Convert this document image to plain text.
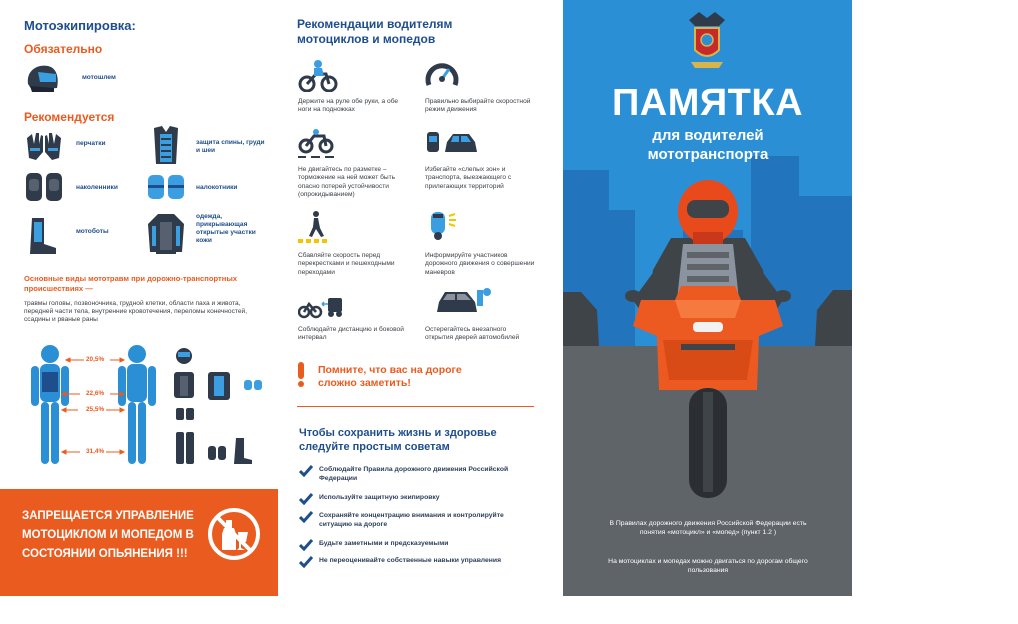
Мотоэкипировка:
Обязательно
мотошлем
Рекомендуется
перчатки	защита спины, груди и шеи
наколенники	налокотники
мотоботы
одежда, прикрывающая открытые участки кожи
Основные виды мототравм при дорожно-транспортных происшествиях —
травмы головы, позвоночника, грудной клетки, области паха и живота, передней части тела, внутренние кровотечения, переломы конечностей, ссадины и рваные раны
20,5%
22,6%
25,5%
31,4%
ЗАПРЕЩАЕТСЯ УПРАВЛЕНИЕ МОТОЦИКЛОМ И МОПЕДОМ В СОСТОЯНИИ ОПЬЯНЕНИЯ !!!
Рекомендации водителям мотоциклов и мопедов
Держите на руле обе руки, а обе ноги на подножках
Правильно выбирайте скоростной режим движения
Не двигайтесь по разметке – торможение на ней может быть опасно потерей устойчивости (опрокидыванием)
Избегайте «слепых зон» и транспорта, выезжающего с прилегающих территорий
Сбавляйте скорость перед перекрестками и пешеходными переходами
Информируйте участников дорожного движения о совершении маневров
Соблюдайте дистанцию и боковой интервал
Остерегайтесь внезапного открытия дверей автомобилей
Помните, что вас на дороге сложно заметить!
Чтобы сохранить жизнь и здоровье следуйте простым советам
Соблюдайте Правила дорожного движения Российской Федерации
Используйте защитную экипировку
Сохраняйте концентрацию внимания и контролируйте ситуацию на дороге
Будьте заметными и предсказуемыми
Не переоценивайте собственные навыки управления
ПАМЯТКА
для водителей мототранспорта
В Правилах дорожного движения Российской Федерации есть понятия «мотоцикл» и «мопед» (пункт 1.2 )
На мотоциклах и мопедах можно двигаться по дорогам общего пользования
